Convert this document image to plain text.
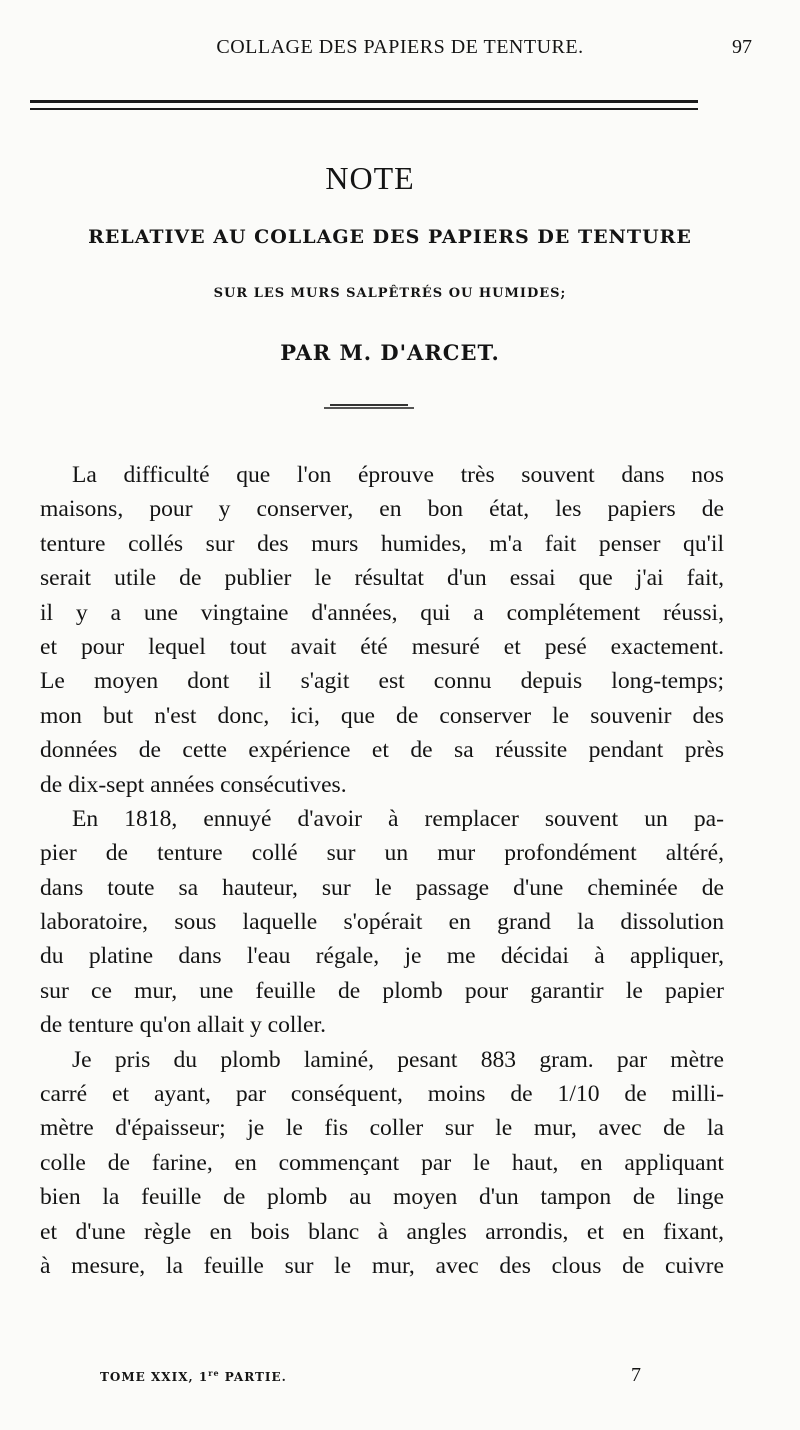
COLLAGE DES PAPIERS DE TENTURE.	97
NOTE
RELATIVE AU COLLAGE DES PAPIERS DE TENTURE
SUR LES MURS SALPÊTRÉS OU HUMIDES;
PAR M. D'ARCET.
La difficulté que l'on éprouve très souvent dans nos
maisons, pour y conserver, en bon état, les papiers de
tenture collés sur des murs humides, m'a fait penser qu'il
serait utile de publier le résultat d'un essai que j'ai fait,
il y a une vingtaine d'années, qui a complétement réussi,
et pour lequel tout avait été mesuré et pesé exactement.
Le moyen dont il s'agit est connu depuis long-temps;
mon but n'est donc, ici, que de conserver le souvenir des
données de cette expérience et de sa réussite pendant près
de dix-sept années consécutives.
En 1818, ennuyé d'avoir à remplacer souvent un pa-
pier de tenture collé sur un mur profondément altéré,
dans toute sa hauteur, sur le passage d'une cheminée de
laboratoire, sous laquelle s'opérait en grand la dissolution
du platine dans l'eau régale, je me décidai à appliquer,
sur ce mur, une feuille de plomb pour garantir le papier
de tenture qu'on allait y coller.
Je pris du plomb laminé, pesant 883 gram. par mètre
carré et ayant, par conséquent, moins de 1/10 de milli-
mètre d'épaisseur; je le fis coller sur le mur, avec de la
colle de farine, en commençant par le haut, en appliquant
bien la feuille de plomb au moyen d'un tampon de linge
et d'une règle en bois blanc à angles arrondis, et en fixant,
à mesure, la feuille sur le mur, avec des clous de cuivre
TOME XXIX, 1re PARTIE.	7
